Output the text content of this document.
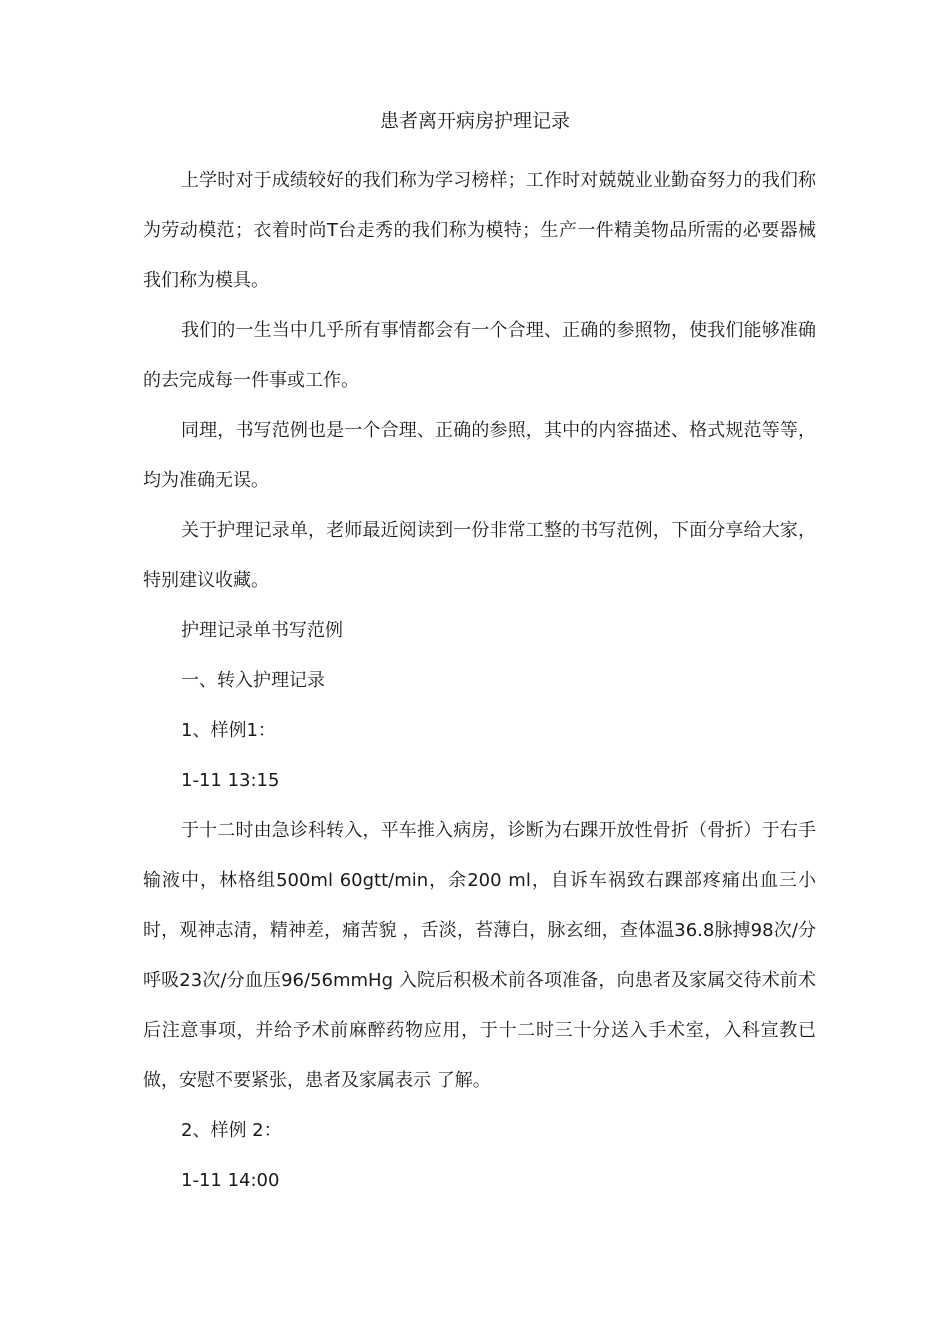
患者离开病房护理记录

上学时对于成绩较好的我们称为学习榜样；工作时对兢兢业业勤奋努力的我们称为劳动模范；衣着时尚T台走秀的我们称为模特；生产一件精美物品所需的必要器械我们称为模具。

我们的一生当中几乎所有事情都会有一个合理、正确的参照物，使我们能够准确的去完成每一件事或工作。

同理，书写范例也是一个合理、正确的参照，其中的内容描述、格式规范等等，均为准确无误。

关于护理记录单，老师最近阅读到一份非常工整的书写范例，下面分享给大家，特别建议收藏。

护理记录单书写范例

一、转入护理记录

1、样例1：

1-11 13:15

于十二时由急诊科转入，平车推入病房，诊断为右踝开放性骨折（骨折）于右手输液中，林格组500ml 60gtt/min，余200 ml，自诉车祸致右踝部疼痛出血三小时，观神志清，精神差，痛苦貌 ，舌淡，苔薄白，脉玄细，查体温36.8脉搏98次/分呼吸23次/分血压96/56mmHg 入院后积极术前各项准备，向患者及家属交待术前术后注意事项，并给予术前麻醉药物应用，于十二时三十分送入手术室，入科宣教已做，安慰不要紧张，患者及家属表示 了解。

2、样例 2：

1-11 14:00
